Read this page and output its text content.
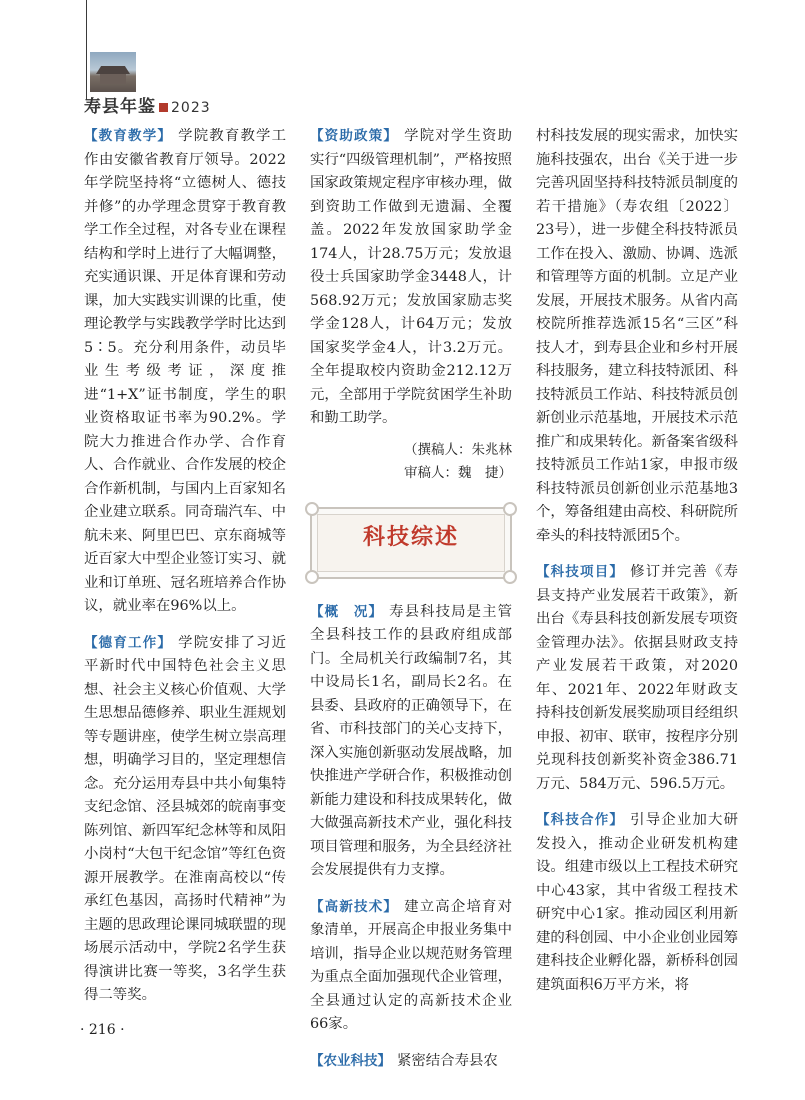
寿县年鉴 2023

【教育教学】 学院教育教学工作由安徽省教育厅领导。2022年学院坚持将“立德树人、德技并修”的办学理念贯穿于教育教学工作全过程，对各专业在课程结构和学时上进行了大幅调整，充实通识课、开足体育课和劳动课，加大实践实训课的比重，使理论教学与实践教学学时比达到5∶5。充分利用条件，动员毕业生考级考证，深度推进“1+X”证书制度，学生的职业资格取证书率为90.2%。学院大力推进合作办学、合作育人、合作就业、合作发展的校企合作新机制，与国内上百家知名企业建立联系。同奇瑞汽车、中航未来、阿里巴巴、京东商城等近百家大中型企业签订实习、就业和订单班、冠名班培养合作协议，就业率在96%以上。

【德育工作】 学院安排了习近平新时代中国特色社会主义思想、社会主义核心价值观、大学生思想品德修养、职业生涯规划等专题讲座，使学生树立崇高理想，明确学习目的，坚定理想信念。充分运用寿县中共小甸集特支纪念馆、泾县城郊的皖南事变陈列馆、新四军纪念林等和凤阳小岗村“大包干纪念馆”等红色资源开展教学。在淮南高校以“传承红色基因，高扬时代精神”为主题的思政理论课同城联盟的现场展示活动中，学院2名学生获得演讲比赛一等奖，3名学生获得二等奖。

【资助政策】 学院对学生资助实行“四级管理机制”，严格按照国家政策规定程序审核办理，做到资助工作做到无遗漏、全覆盖。2022年发放国家助学金174人，计28.75万元；发放退役士兵国家助学金3448人，计568.92万元；发放国家励志奖学金128人，计64万元；发放国家奖学金4人，计3.2万元。全年提取校内资助金212.12万元，全部用于学院贫困学生补助和勤工助学。

（撰稿人：朱兆林
审稿人：魏　捷）
科技综述

【概　况】 寿县科技局是主管全县科技工作的县政府组成部门。全局机关行政编制7名，其中设局长1名，副局长2名。在县委、县政府的正确领导下，在省、市科技部门的关心支持下，深入实施创新驱动发展战略，加快推进产学研合作，积极推动创新能力建设和科技成果转化，做大做强高新技术产业，强化科技项目管理和服务，为全县经济社会发展提供有力支撑。

【高新技术】 建立高企培育对象清单，开展高企申报业务集中培训，指导企业以规范财务管理为重点全面加强现代企业管理，全县通过认定的高新技术企业66家。

【农业科技】 紧密结合寿县农

村科技发展的现实需求，加快实施科技强农，出台《关于进一步完善巩固坚持科技特派员制度的若干措施》（寿农组〔2022〕23号），进一步健全科技特派员工作在投入、激励、协调、选派和管理等方面的机制。立足产业发展，开展技术服务。从省内高校院所推荐选派15名“三区”科技人才，到寿县企业和乡村开展科技服务，建立科技特派团、科技特派员工作站、科技特派员创新创业示范基地，开展技术示范推广和成果转化。新备案省级科技特派员工作站1家，申报市级科技特派员创新创业示范基地3个，筹备组建由高校、科研院所牵头的科技特派团5个。

【科技项目】 修订并完善《寿县支持产业发展若干政策》，新出台《寿县科技创新发展专项资金管理办法》。依据县财政支持产业发展若干政策，对2020年、2021年、2022年财政支持科技创新发展奖励项目经组织申报、初审、联审，按程序分别兑现科技创新奖补资金386.71万元、584万元、596.5万元。

【科技合作】 引导企业加大研发投入，推动企业研发机构建设。组建市级以上工程技术研究中心43家，其中省级工程技术研究中心1家。推动园区利用新建的科创园、中小企业创业园筹建科技企业孵化器，新桥科创园建筑面积6万平方米，将

· 216 ·
